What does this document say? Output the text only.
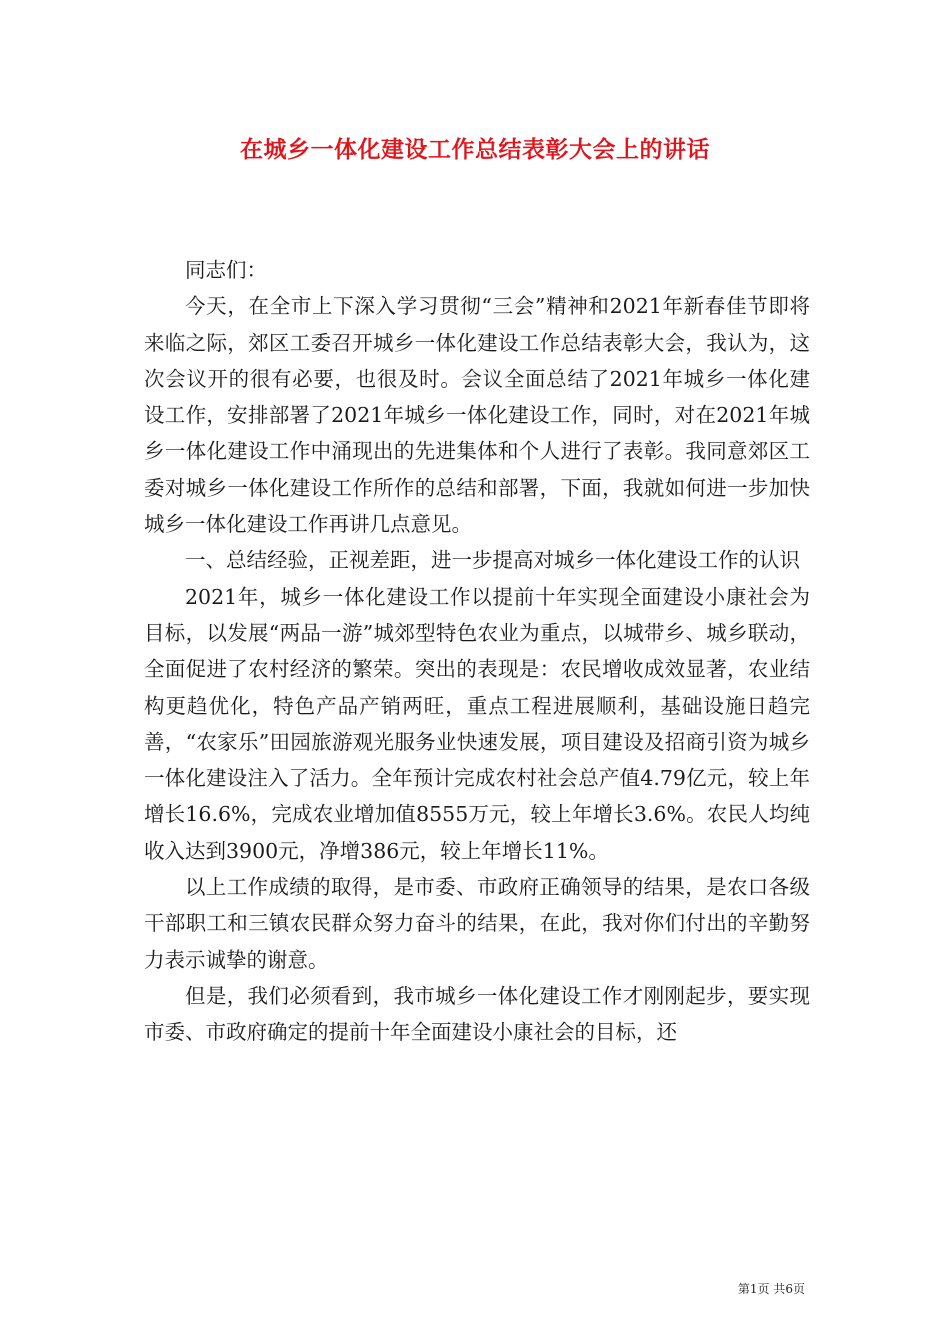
在城乡一体化建设工作总结表彰大会上的讲话

同志们：

今天，在全市上下深入学习贯彻“三会”精神和2021年新春佳节即将来临之际，郊区工委召开城乡一体化建设工作总结表彰大会，我认为，这次会议开的很有必要，也很及时。会议全面总结了2021年城乡一体化建设工作，安排部署了2021年城乡一体化建设工作，同时，对在2021年城乡一体化建设工作中涌现出的先进集体和个人进行了表彰。我同意郊区工委对城乡一体化建设工作所作的总结和部署，下面，我就如何进一步加快城乡一体化建设工作再讲几点意见。

一、总结经验，正视差距，进一步提高对城乡一体化建设工作的认识

2021年，城乡一体化建设工作以提前十年实现全面建设小康社会为目标，以发展“两品一游”城郊型特色农业为重点，以城带乡、城乡联动，全面促进了农村经济的繁荣。突出的表现是：农民增收成效显著，农业结构更趋优化，特色产品产销两旺，重点工程进展顺利，基础设施日趋完善，“农家乐”田园旅游观光服务业快速发展，项目建设及招商引资为城乡一体化建设注入了活力。全年预计完成农村社会总产值4.79亿元，较上年增长16.6%，完成农业增加值8555万元，较上年增长3.6%。农民人均纯收入达到3900元，净增386元，较上年增长11%。

以上工作成绩的取得，是市委、市政府正确领导的结果，是农口各级干部职工和三镇农民群众努力奋斗的结果，在此，我对你们付出的辛勤努力表示诚挚的谢意。

但是，我们必须看到，我市城乡一体化建设工作才刚刚起步，要实现市委、市政府确定的提前十年全面建设小康社会的目标，还

第1页 共6页
